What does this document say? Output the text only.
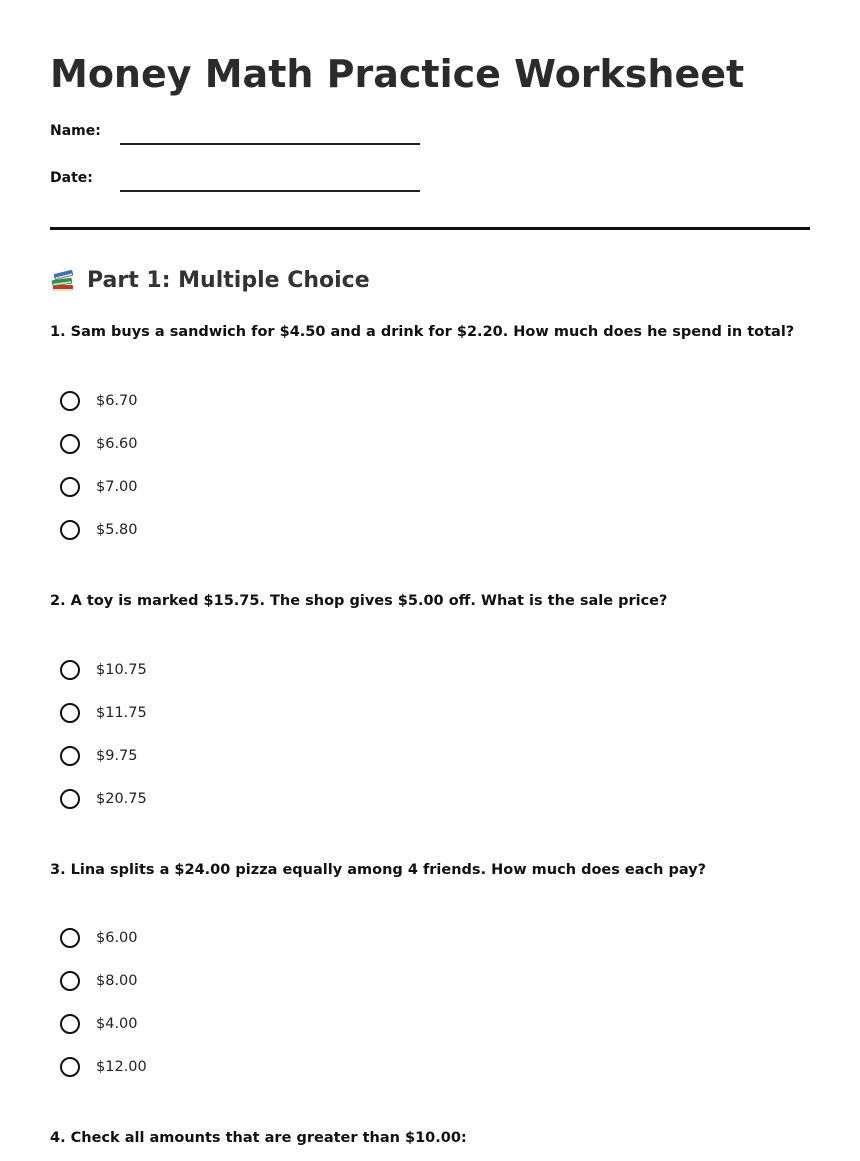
Money Math Practice Worksheet
Name:
Date:
Part 1: Multiple Choice

1. Sam buys a sandwich for $4.50 and a drink for $2.20. How much does he spend in total?

$6.70
$6.60
$7.00
$5.80

2. A toy is marked $15.75. The shop gives $5.00 off. What is the sale price?

$10.75
$11.75
$9.75
$20.75

3. Lina splits a $24.00 pizza equally among 4 friends. How much does each pay?

$6.00
$8.00
$4.00
$12.00

4. Check all amounts that are greater than $10.00:
